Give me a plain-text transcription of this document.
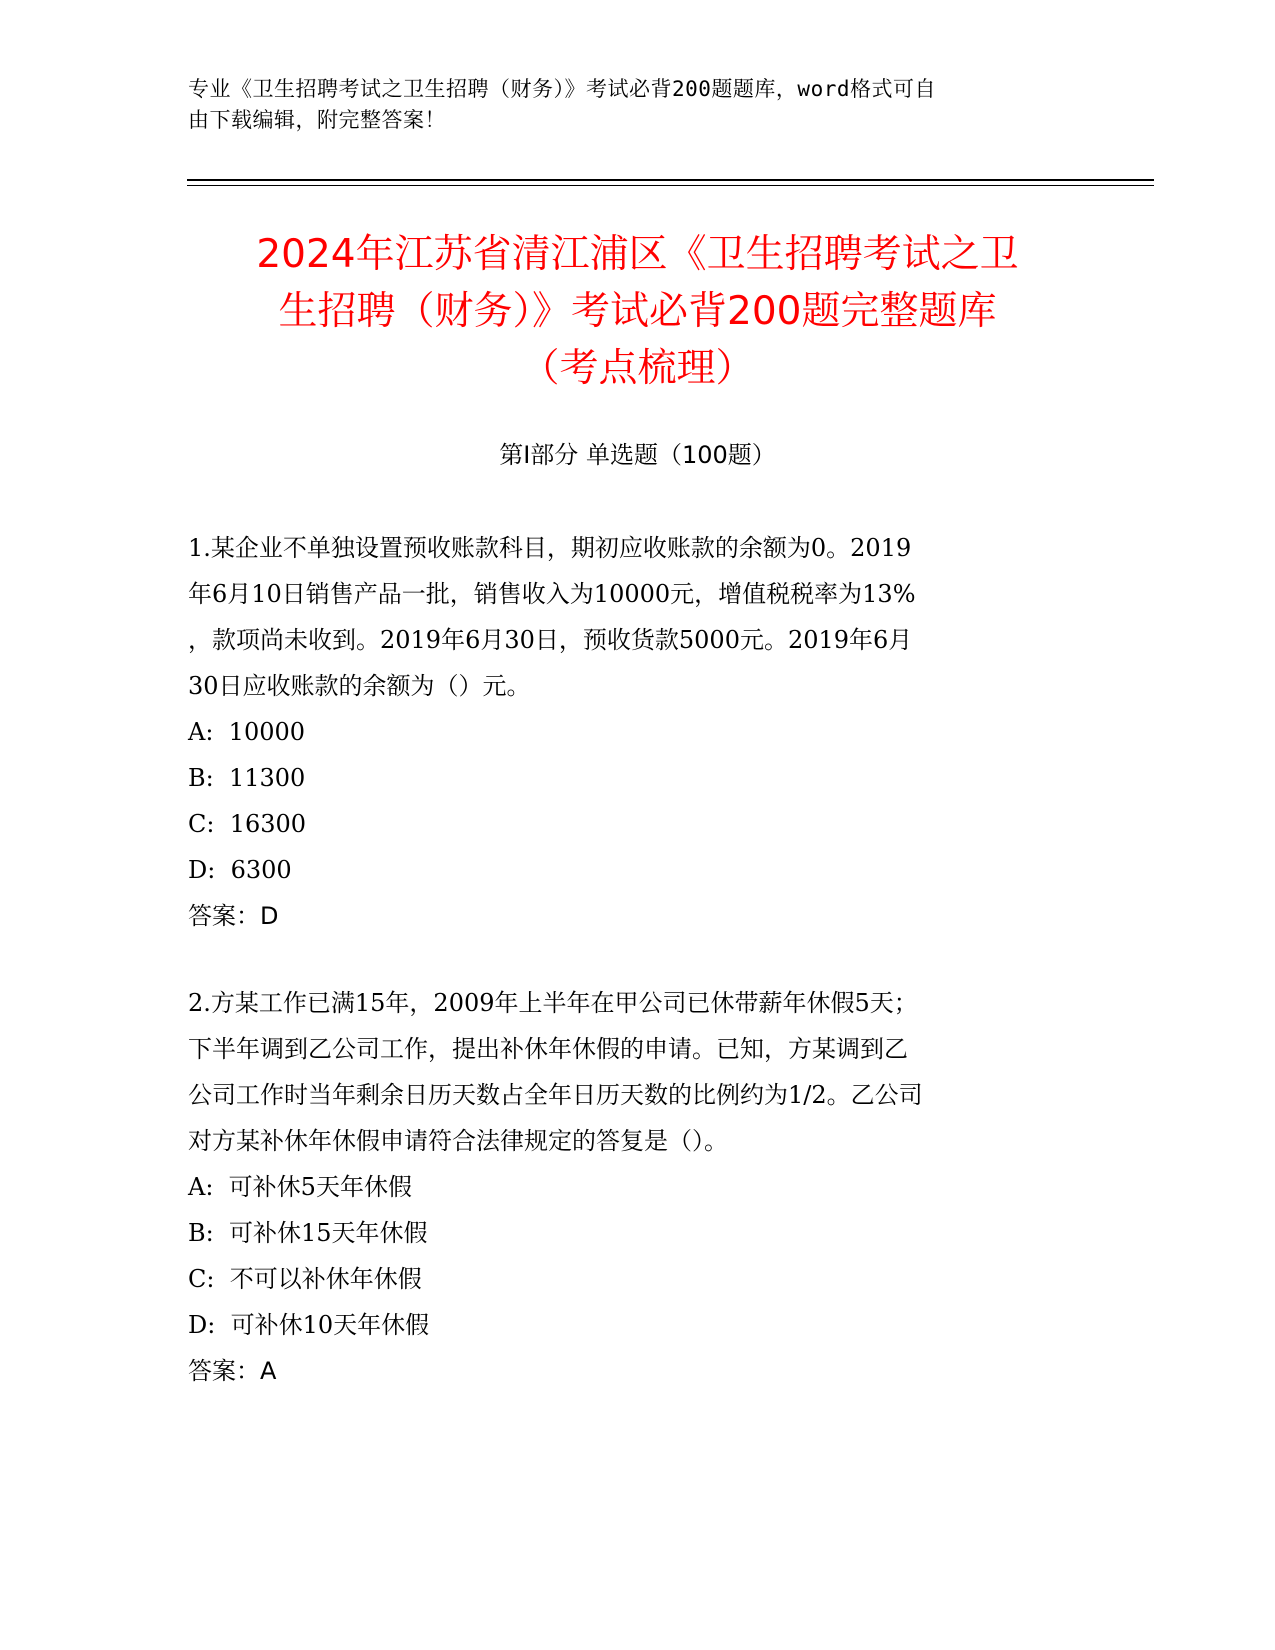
专业《卫生招聘考试之卫生招聘（财务）》考试必背200题题库，word格式可自
由下载编辑，附完整答案！
2024年江苏省清江浦区《卫生招聘考试之卫
生招聘（财务）》考试必背200题完整题库
（考点梳理）
第Ⅰ部分 单选题（100题）

1.某企业不单独设置预收账款科目，期初应收账款的余额为0。2019

年6月10日销售产品一批，销售收入为10000元，增值税税率为13%

，款项尚未收到。2019年6月30日，预收货款5000元。2019年6月

30日应收账款的余额为（）元。

A:  10000

B:  11300

C:  16300

D:  6300

答案：D

2.方某工作已满15年，2009年上半年在甲公司已休带薪年休假5天；

下半年调到乙公司工作，提出补休年休假的申请。已知，方某调到乙

公司工作时当年剩余日历天数占全年日历天数的比例约为1/2。乙公司

对方某补休年休假申请符合法律规定的答复是（）。

A:  可补休5天年休假

B:  可补休15天年休假

C:  不可以补休年休假

D:  可补休10天年休假

答案：A
